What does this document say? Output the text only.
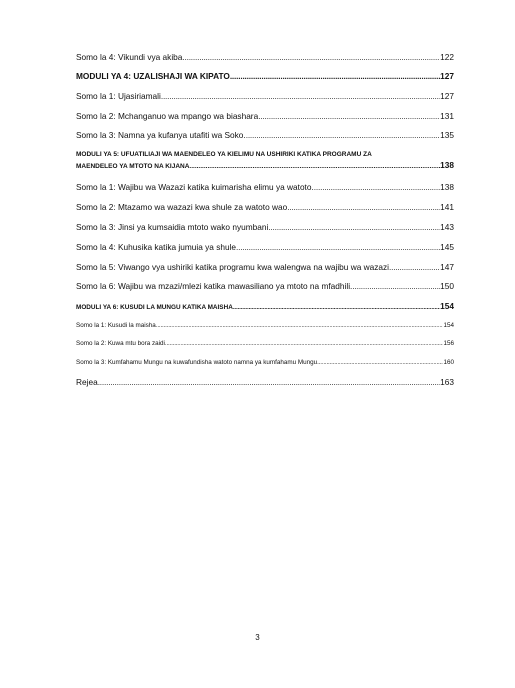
Somo la 4: Vikundi vya akiba .....	122
MODULI YA 4: UZALISHAJI WA KIPATO .....	127
Somo la 1: Ujasiriamali .....	127
Somo la 2: Mchanganuo wa mpango wa biashara .....	131
Somo la 3: Namna ya kufanya utafiti wa Soko. .....	135
MODULI YA 5: UFUATILIAJI WA MAENDELEO YA KIELIMU NA USHIRIKI KATIKA PROGRAMU ZA
MAENDELEO YA MTOTO NA KIJANA .....	138
Somo la 1: Wajibu wa Wazazi katika kuimarisha elimu ya watoto. .....	138
Somo la 2: Mtazamo wa wazazi kwa shule za watoto wao .....	141
Somo la 3: Jinsi ya kumsaidia mtoto wako nyumbani .....	143
Somo la 4: Kuhusika katika jumuia ya shule .....	145
Somo la 5: Viwango vya ushiriki katika programu kwa walengwa na wajibu wa wazazi .....	147
Somo la 6: Wajibu wa mzazi/mlezi katika mawasiliano ya mtoto na mfadhili. .....	150
MODULI YA 6: KUSUDI LA MUNGU KATIKA MAISHA .....	154
Somo la 1: Kusudi la maisha .....	154
Somo la 2: Kuwa mtu bora zaidi .....	156
Somo la 3: Kumfahamu Mungu na kuwafundisha watoto namna ya kumfahamu Mungu .....	160
Rejea .....	163
3
